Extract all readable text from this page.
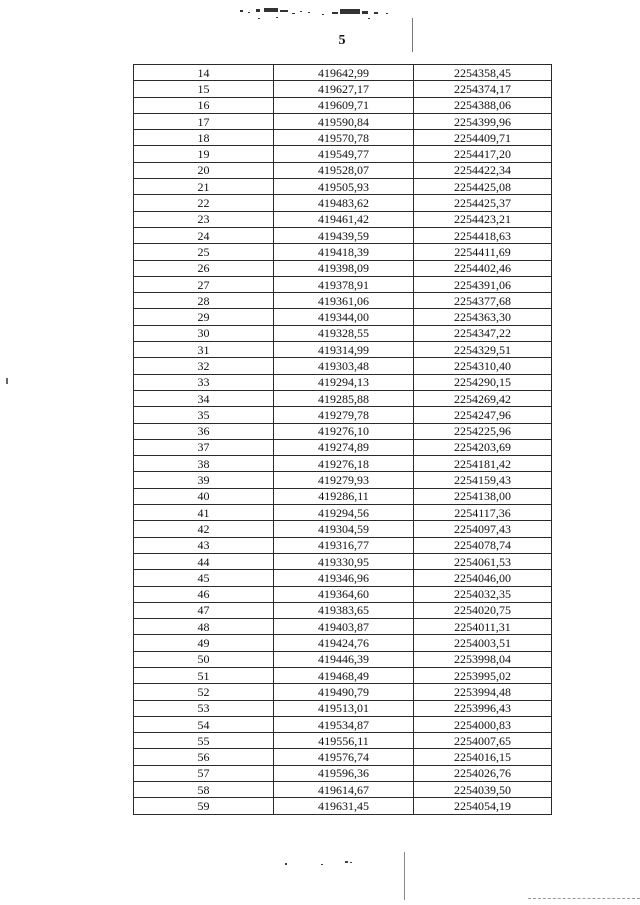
5
14	419642,99	2254358,45
15	419627,17	2254374,17
16	419609,71	2254388,06
17	419590,84	2254399,96
18	419570,78	2254409,71
19	419549,77	2254417,20
20	419528,07	2254422,34
21	419505,93	2254425,08
22	419483,62	2254425,37
23	419461,42	2254423,21
24	419439,59	2254418,63
25	419418,39	2254411,69
26	419398,09	2254402,46
27	419378,91	2254391,06
28	419361,06	2254377,68
29	419344,00	2254363,30
30	419328,55	2254347,22
31	419314,99	2254329,51
32	419303,48	2254310,40
33	419294,13	2254290,15
34	419285,88	2254269,42
35	419279,78	2254247,96
36	419276,10	2254225,96
37	419274,89	2254203,69
38	419276,18	2254181,42
39	419279,93	2254159,43
40	419286,11	2254138,00
41	419294,56	2254117,36
42	419304,59	2254097,43
43	419316,77	2254078,74
44	419330,95	2254061,53
45	419346,96	2254046,00
46	419364,60	2254032,35
47	419383,65	2254020,75
48	419403,87	2254011,31
49	419424,76	2254003,51
50	419446,39	2253998,04
51	419468,49	2253995,02
52	419490,79	2253994,48
53	419513,01	2253996,43
54	419534,87	2254000,83
55	419556,11	2254007,65
56	419576,74	2254016,15
57	419596,36	2254026,76
58	419614,67	2254039,50
59	419631,45	2254054,19
